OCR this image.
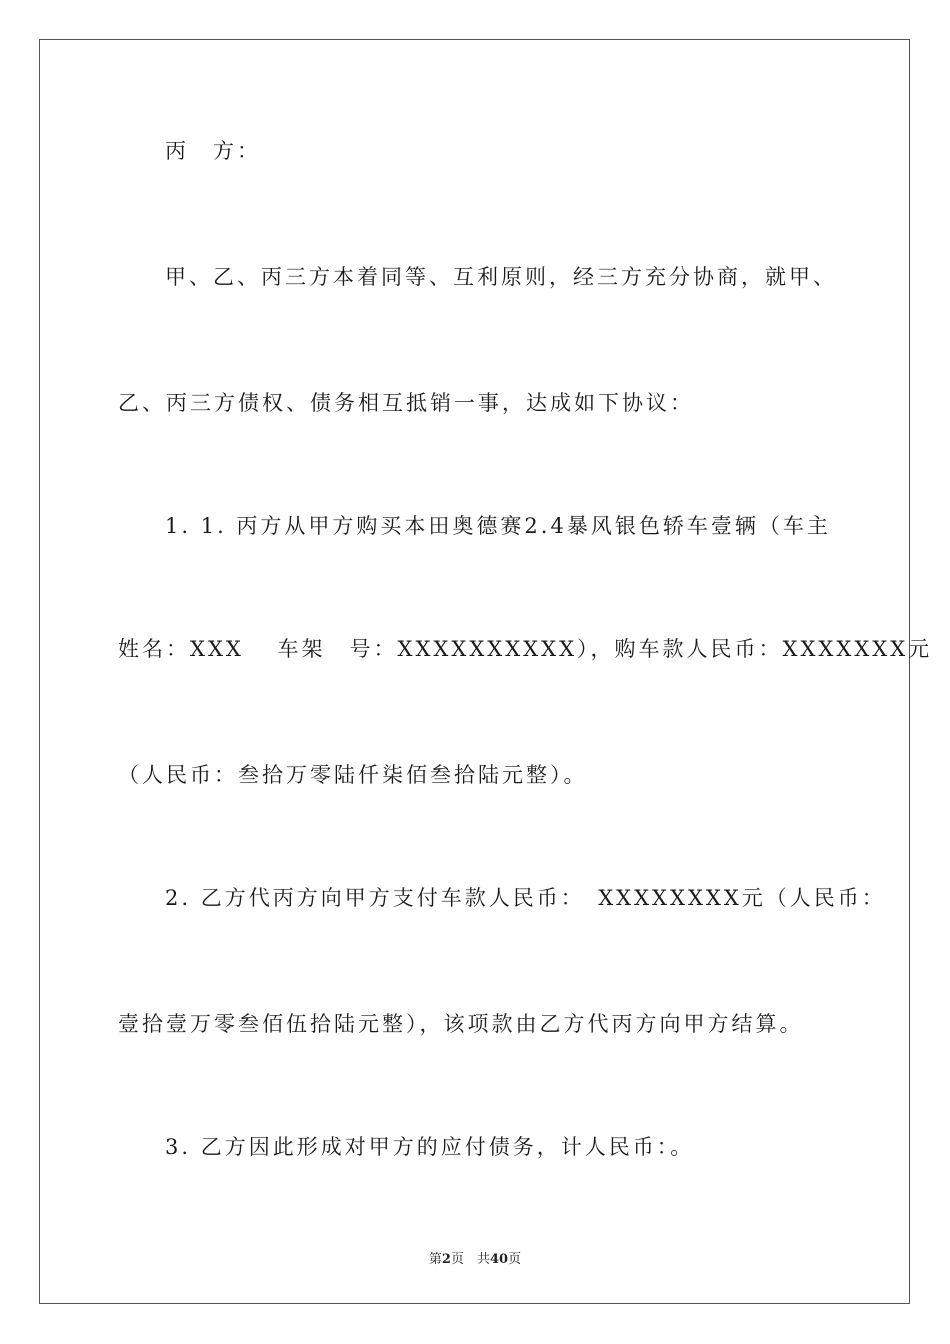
丙　方：
甲、乙、丙三方本着同等、互利原则，经三方充分协商，就甲、
乙、丙三方债权、债务相互抵销一事，达成如下协议：
1. 1. 丙方从甲方购买本田奥德赛2.4暴风银色轿车壹辆（车主
姓名：XXX　 车架　号：XXXXXXXXXX），购车款人民币：XXXXXXX元
（人民币：叁拾万零陆仟柒佰叁拾陆元整）。
2. 乙方代丙方向甲方支付车款人民币：　XXXXXXXX元（人民币：
壹拾壹万零叁佰伍拾陆元整），该项款由乙方代丙方向甲方结算。
3. 乙方因此形成对甲方的应付债务，计人民币：。
第2页　共40页
